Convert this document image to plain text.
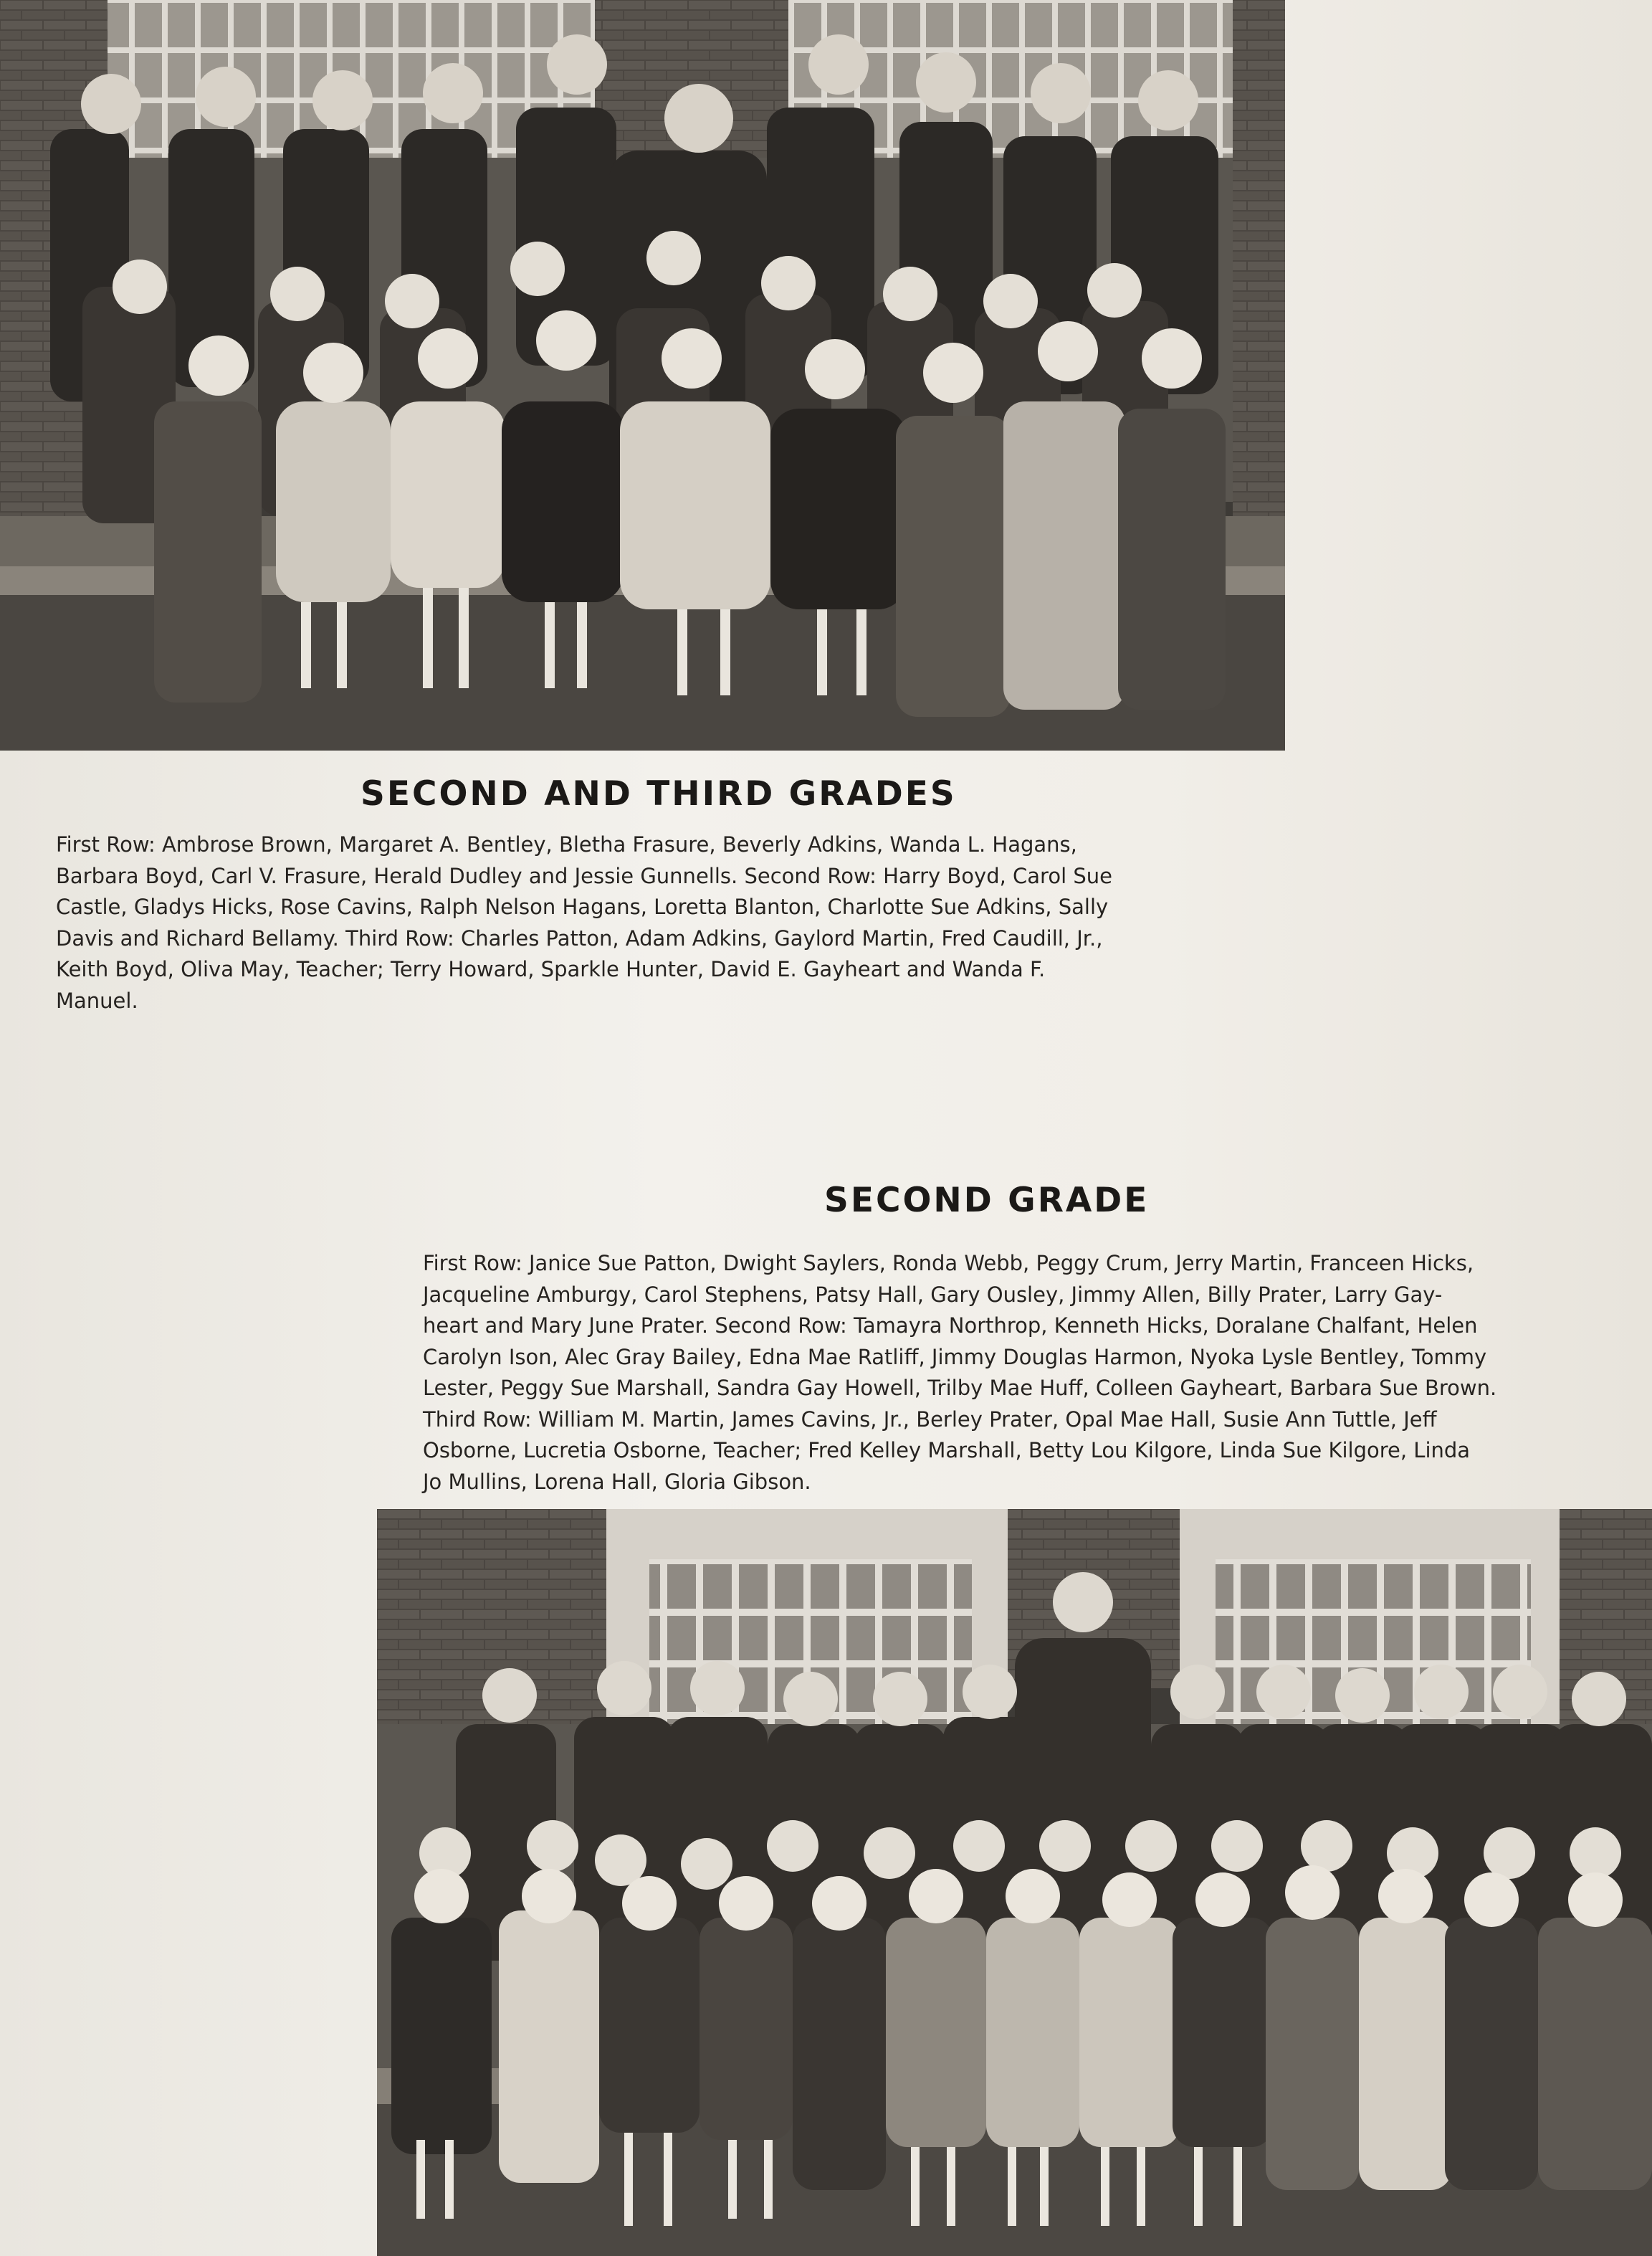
SECOND AND THIRD GRADES

First Row: Ambrose Brown, Margaret A. Bentley, Bletha Frasure, Beverly Adkins, Wanda L. Hagans,
Barbara Boyd, Carl V. Frasure, Herald Dudley and Jessie Gunnells. Second Row: Harry Boyd, Carol Sue
Castle, Gladys Hicks, Rose Cavins, Ralph Nelson Hagans, Loretta Blanton, Charlotte Sue Adkins, Sally
Davis and Richard Bellamy. Third Row: Charles Patton, Adam Adkins, Gaylord Martin, Fred Caudill, Jr.,
Keith Boyd, Oliva May, Teacher; Terry Howard, Sparkle Hunter, David E. Gayheart and Wanda F.
Manuel.

SECOND GRADE

First Row: Janice Sue Patton, Dwight Saylers, Ronda Webb, Peggy Crum, Jerry Martin, Franceen Hicks,
Jacqueline Amburgy, Carol Stephens, Patsy Hall, Gary Ousley, Jimmy Allen, Billy Prater, Larry Gay-
heart and Mary June Prater. Second Row: Tamayra Northrop, Kenneth Hicks, Doralane Chalfant, Helen
Carolyn Ison, Alec Gray Bailey, Edna Mae Ratliff, Jimmy Douglas Harmon, Nyoka Lysle Bentley, Tommy
Lester, Peggy Sue Marshall, Sandra Gay Howell, Trilby Mae Huff, Colleen Gayheart, Barbara Sue Brown.
Third Row: William M. Martin, James Cavins, Jr., Berley Prater, Opal Mae Hall, Susie Ann Tuttle, Jeff
Osborne, Lucretia Osborne, Teacher; Fred Kelley Marshall, Betty Lou Kilgore, Linda Sue Kilgore, Linda
Jo Mullins, Lorena Hall, Gloria Gibson.
